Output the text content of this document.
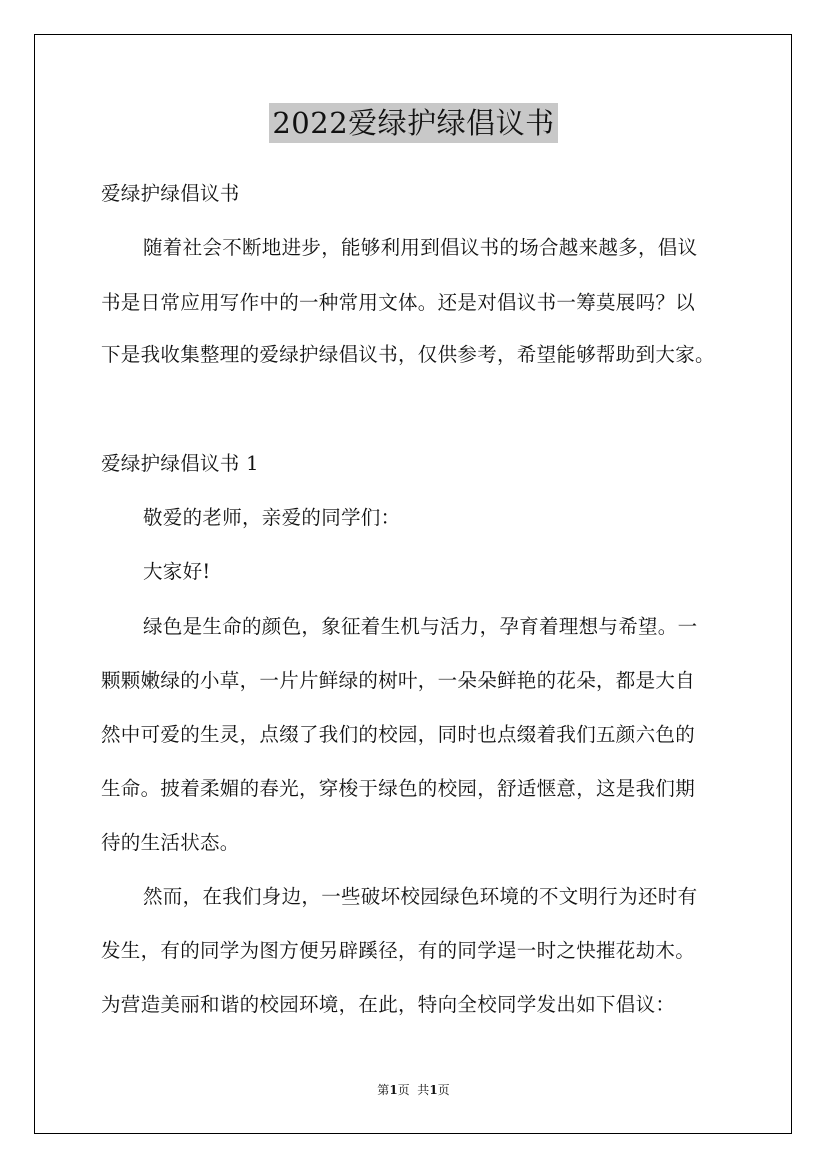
2022爱绿护绿倡议书
爱绿护绿倡议书
随着社会不断地进步，能够利用到倡议书的场合越来越多，倡议
书是日常应用写作中的一种常用文体。还是对倡议书一筹莫展吗？以
下是我收集整理的爱绿护绿倡议书，仅供参考，希望能够帮助到大家。
爱绿护绿倡议书 1
敬爱的老师，亲爱的同学们：
大家好!
绿色是生命的颜色，象征着生机与活力，孕育着理想与希望。一
颗颗嫩绿的小草，一片片鲜绿的树叶，一朵朵鲜艳的花朵，都是大自
然中可爱的生灵，点缀了我们的校园，同时也点缀着我们五颜六色的
生命。披着柔媚的春光，穿梭于绿色的校园，舒适惬意，这是我们期
待的生活状态。
然而，在我们身边，一些破坏校园绿色环境的不文明行为还时有
发生，有的同学为图方便另辟蹊径，有的同学逞一时之快摧花劫木。
为营造美丽和谐的校园环境，在此，特向全校同学发出如下倡议：
第1页  共1页
